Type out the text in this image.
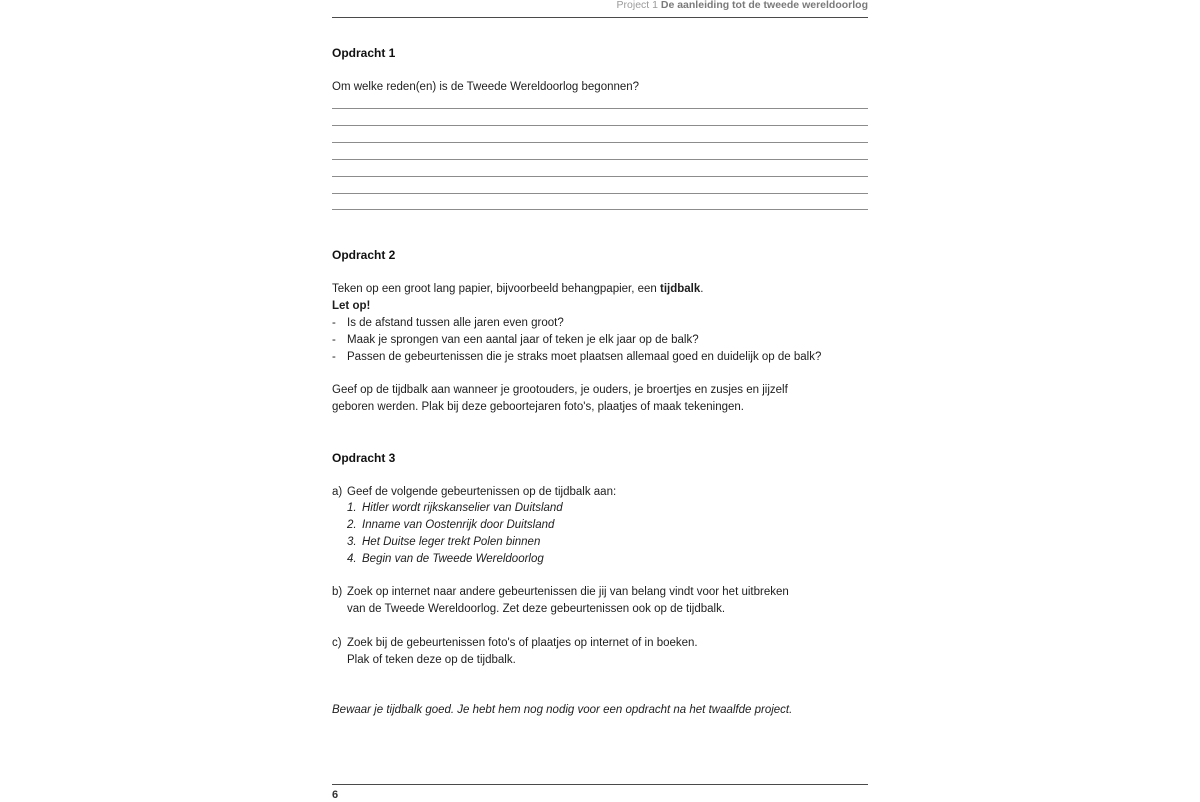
Project 1 De aanleiding tot de tweede wereldoorlog
Opdracht 1
Om welke reden(en) is de Tweede Wereldoorlog begonnen?
Opdracht 2
Teken op een groot lang papier, bijvoorbeeld behangpapier, een tijdbalk.
Let op!
- Is de afstand tussen alle jaren even groot?
- Maak je sprongen van een aantal jaar of teken je elk jaar op de balk?
- Passen de gebeurtenissen die je straks moet plaatsen allemaal goed en duidelijk op de balk?
Geef op de tijdbalk aan wanneer je grootouders, je ouders, je broertjes en zusjes en jijzelf
geboren werden. Plak bij deze geboortejaren foto's, plaatjes of maak tekeningen.
Opdracht 3
a) Geef de volgende gebeurtenissen op de tijdbalk aan:
1. Hitler wordt rijkskanselier van Duitsland
2. Inname van Oostenrijk door Duitsland
3. Het Duitse leger trekt Polen binnen
4. Begin van de Tweede Wereldoorlog
b) Zoek op internet naar andere gebeurtenissen die jij van belang vindt voor het uitbreken
van de Tweede Wereldoorlog. Zet deze gebeurtenissen ook op de tijdbalk.
c) Zoek bij de gebeurtenissen foto's of plaatjes op internet of in boeken.
Plak of teken deze op de tijdbalk.
Bewaar je tijdbalk goed. Je hebt hem nog nodig voor een opdracht na het twaalfde project.
6
